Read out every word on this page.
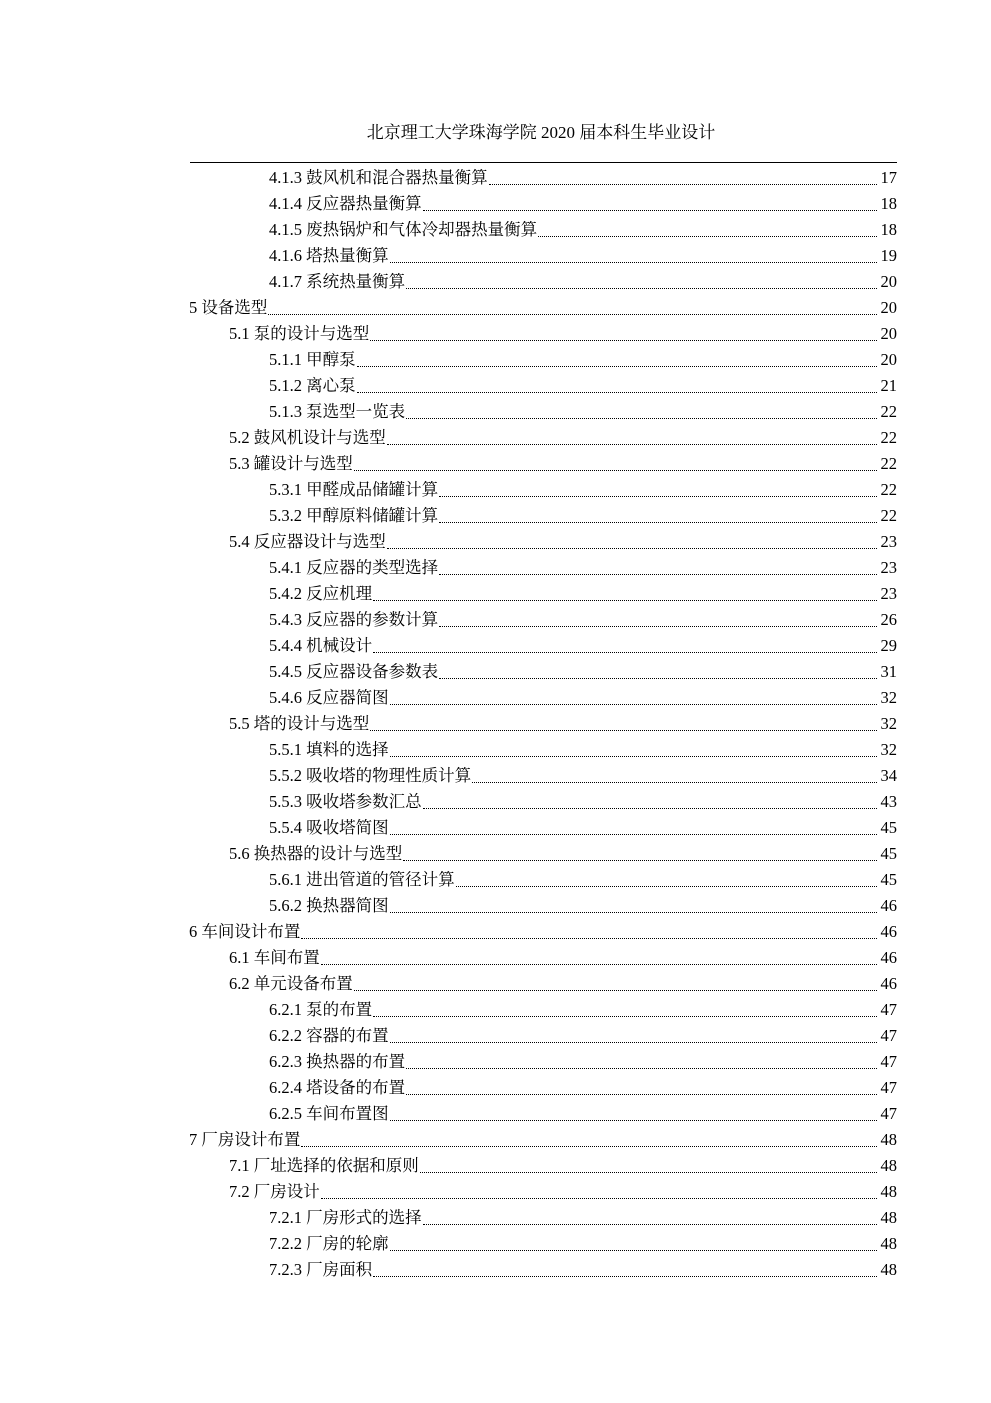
北京理工大学珠海学院 2020 届本科生毕业设计
4.1.3 鼓风机和混合器热量衡算	17
4.1.4 反应器热量衡算	18
4.1.5 废热锅炉和气体冷却器热量衡算	18
4.1.6 塔热量衡算	19
4.1.7 系统热量衡算	20
5 设备选型	20
5.1 泵的设计与选型	20
5.1.1 甲醇泵	20
5.1.2 离心泵	21
5.1.3 泵选型一览表	22
5.2 鼓风机设计与选型	22
5.3 罐设计与选型	22
5.3.1 甲醛成品储罐计算	22
5.3.2 甲醇原料储罐计算	22
5.4 反应器设计与选型	23
5.4.1 反应器的类型选择	23
5.4.2 反应机理	23
5.4.3 反应器的参数计算	26
5.4.4 机械设计	29
5.4.5 反应器设备参数表	31
5.4.6 反应器简图	32
5.5 塔的设计与选型	32
5.5.1 填料的选择	32
5.5.2 吸收塔的物理性质计算	34
5.5.3 吸收塔参数汇总	43
5.5.4 吸收塔简图	45
5.6 换热器的设计与选型	45
5.6.1 进出管道的管径计算	45
5.6.2 换热器简图	46
6 车间设计布置	46
6.1 车间布置	46
6.2 单元设备布置	46
6.2.1 泵的布置	47
6.2.2 容器的布置	47
6.2.3 换热器的布置	47
6.2.4 塔设备的布置	47
6.2.5 车间布置图	47
7 厂房设计布置	48
7.1 厂址选择的依据和原则	48
7.2 厂房设计	48
7.2.1 厂房形式的选择	48
7.2.2 厂房的轮廓	48
7.2.3 厂房面积	48
